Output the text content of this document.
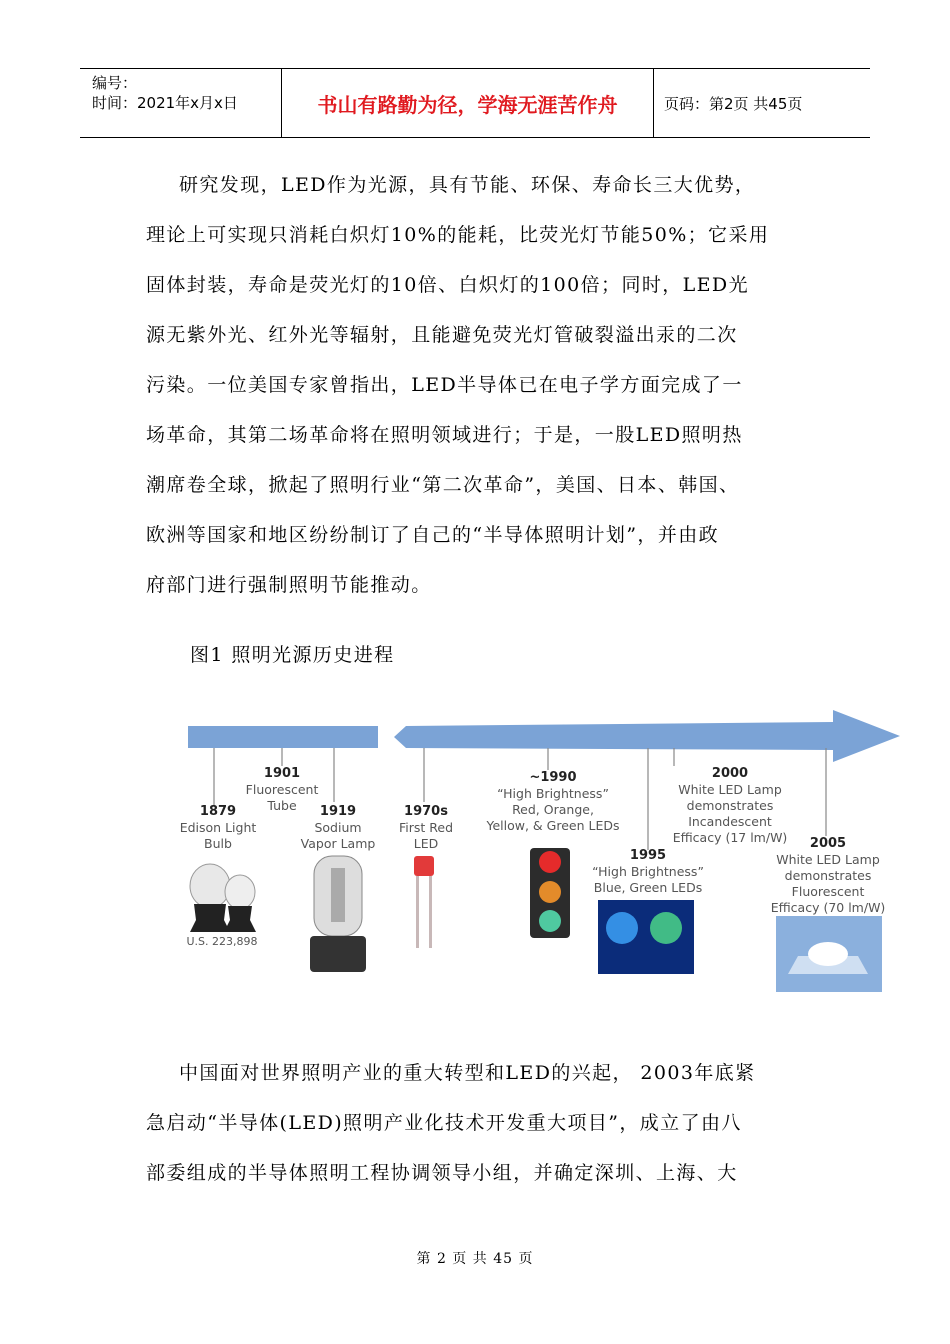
编号：
时间：2021年x月x日	书山有路勤为径，学海无涯苦作舟	页码：第2页 共45页
研究发现，LED作为光源，具有节能、环保、寿命长三大优势，
理论上可实现只消耗白炽灯10%的能耗，比荧光灯节能50%；它采用
固体封装，寿命是荧光灯的10倍、白炽灯的100倍；同时，LED光
源无紫外光、红外光等辐射，且能避免荧光灯管破裂溢出汞的二次
污染。一位美国专家曾指出，LED半导体已在电子学方面完成了一
场革命，其第二场革命将在照明领域进行；于是，一股LED照明热
潮席卷全球，掀起了照明行业“第二次革命”，美国、日本、韩国、
欧洲等国家和地区纷纷制订了自己的“半导体照明计划”，并由政
府部门进行强制照明节能推动。
图1 照明光源历史进程
1879
Edison Light
Bulb
1901
Fluorescent
Tube	1919
Sodium
Vapor Lamp
1970s
First Red
LED
~1990
“High Brightness”
Red, Orange,
Yellow, & Green LEDs
1995
“High Brightness”
Blue, Green LEDs
2000
White LED Lamp
demonstrates
Incandescent
Efficacy (17 lm/W)	2005
White LED Lamp
demonstrates
Fluorescent
Efficacy (70 lm/W)
U.S. 223,898
中国面对世界照明产业的重大转型和LED的兴起， 2003年底紧
急启动“半导体(LED)照明产业化技术开发重大项目”，成立了由八
部委组成的半导体照明工程协调领导小组，并确定深圳、上海、大
第 2 页 共 45 页
